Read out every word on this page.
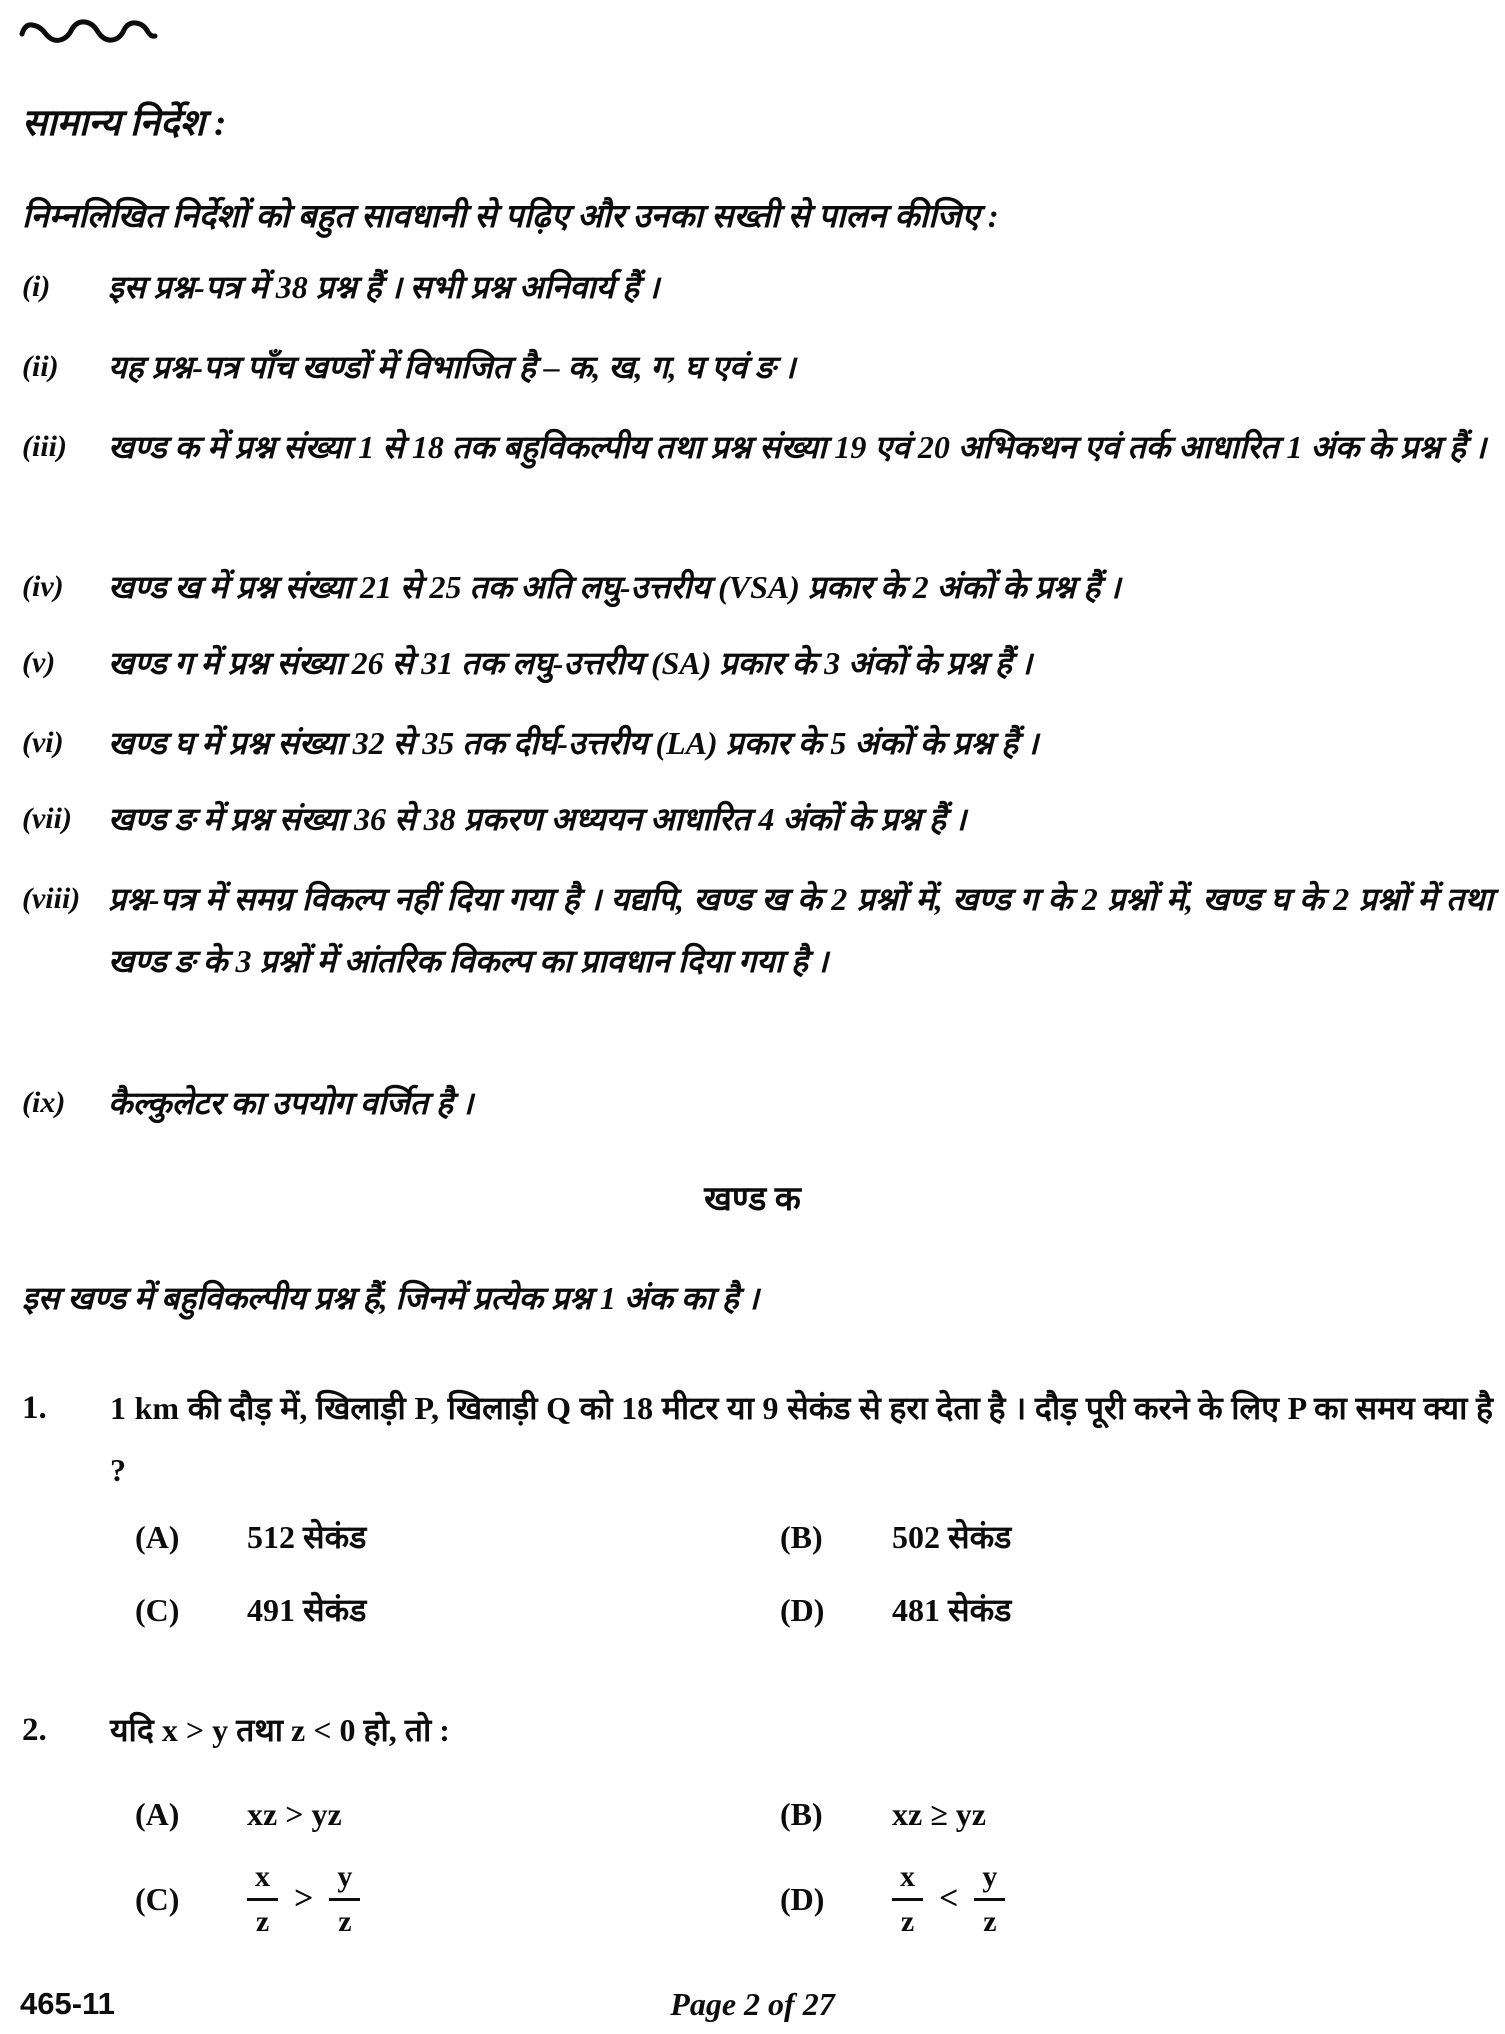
सामान्य निर्देश :
निम्नलिखित निर्देशों को बहुत सावधानी से पढ़िए और उनका सख्ती से पालन कीजिए :
(i)	इस प्रश्न-पत्र में 38 प्रश्न हैं । सभी प्रश्न अनिवार्य हैं ।
(ii)	यह प्रश्न-पत्र पाँच खण्डों में विभाजित है – क, ख, ग, घ एवं ङ ।
(iii)	खण्ड क में प्रश्न संख्या 1 से 18 तक बहुविकल्पीय तथा प्रश्न संख्या 19 एवं 20 अभिकथन एवं तर्क आधारित 1 अंक के प्रश्न हैं ।
(iv)	खण्ड ख में प्रश्न संख्या 21 से 25 तक अति लघु-उत्तरीय (VSA) प्रकार के 2 अंकों के प्रश्न हैं ।
(v)	खण्ड ग में प्रश्न संख्या 26 से 31 तक लघु-उत्तरीय (SA) प्रकार के 3 अंकों के प्रश्न हैं ।
(vi)	खण्ड घ में प्रश्न संख्या 32 से 35 तक दीर्घ-उत्तरीय (LA) प्रकार के 5 अंकों के प्रश्न हैं ।
(vii)	खण्ड ङ में प्रश्न संख्या 36 से 38 प्रकरण अध्ययन आधारित 4 अंकों के प्रश्न हैं ।
(viii) प्रश्न-पत्र में समग्र विकल्प नहीं दिया गया है । यद्यपि, खण्ड ख के 2 प्रश्नों में, खण्ड ग के 2 प्रश्नों में, खण्ड घ के 2 प्रश्नों में तथा खण्ड ङ के 3 प्रश्नों में आंतरिक विकल्प का प्रावधान दिया गया है ।
(ix)	कैल्कुलेटर का उपयोग वर्जित है ।
खण्ड क
इस खण्ड में बहुविकल्पीय प्रश्न हैं, जिनमें प्रत्येक प्रश्न 1 अंक का है ।
1.	1 km की दौड़ में, खिलाड़ी P, खिलाड़ी Q को 18 मीटर या 9 सेकंड से हरा देता है । दौड़ पूरी करने के लिए P का समय क्या है ?
(A)	512 सेकंड	(B)	502 सेकंड
(C)	491 सेकंड	(D)	481 सेकंड
2.	यदि x > y तथा z < 0 हो, तो :
(A)	xz > yz	(B)	xz ≥ yz
(C)	$\frac{x}{z} > \frac{y}{z}$	(D)	$\frac{x}{z} < \frac{y}{z}$
Page 2 of 27
465-11
